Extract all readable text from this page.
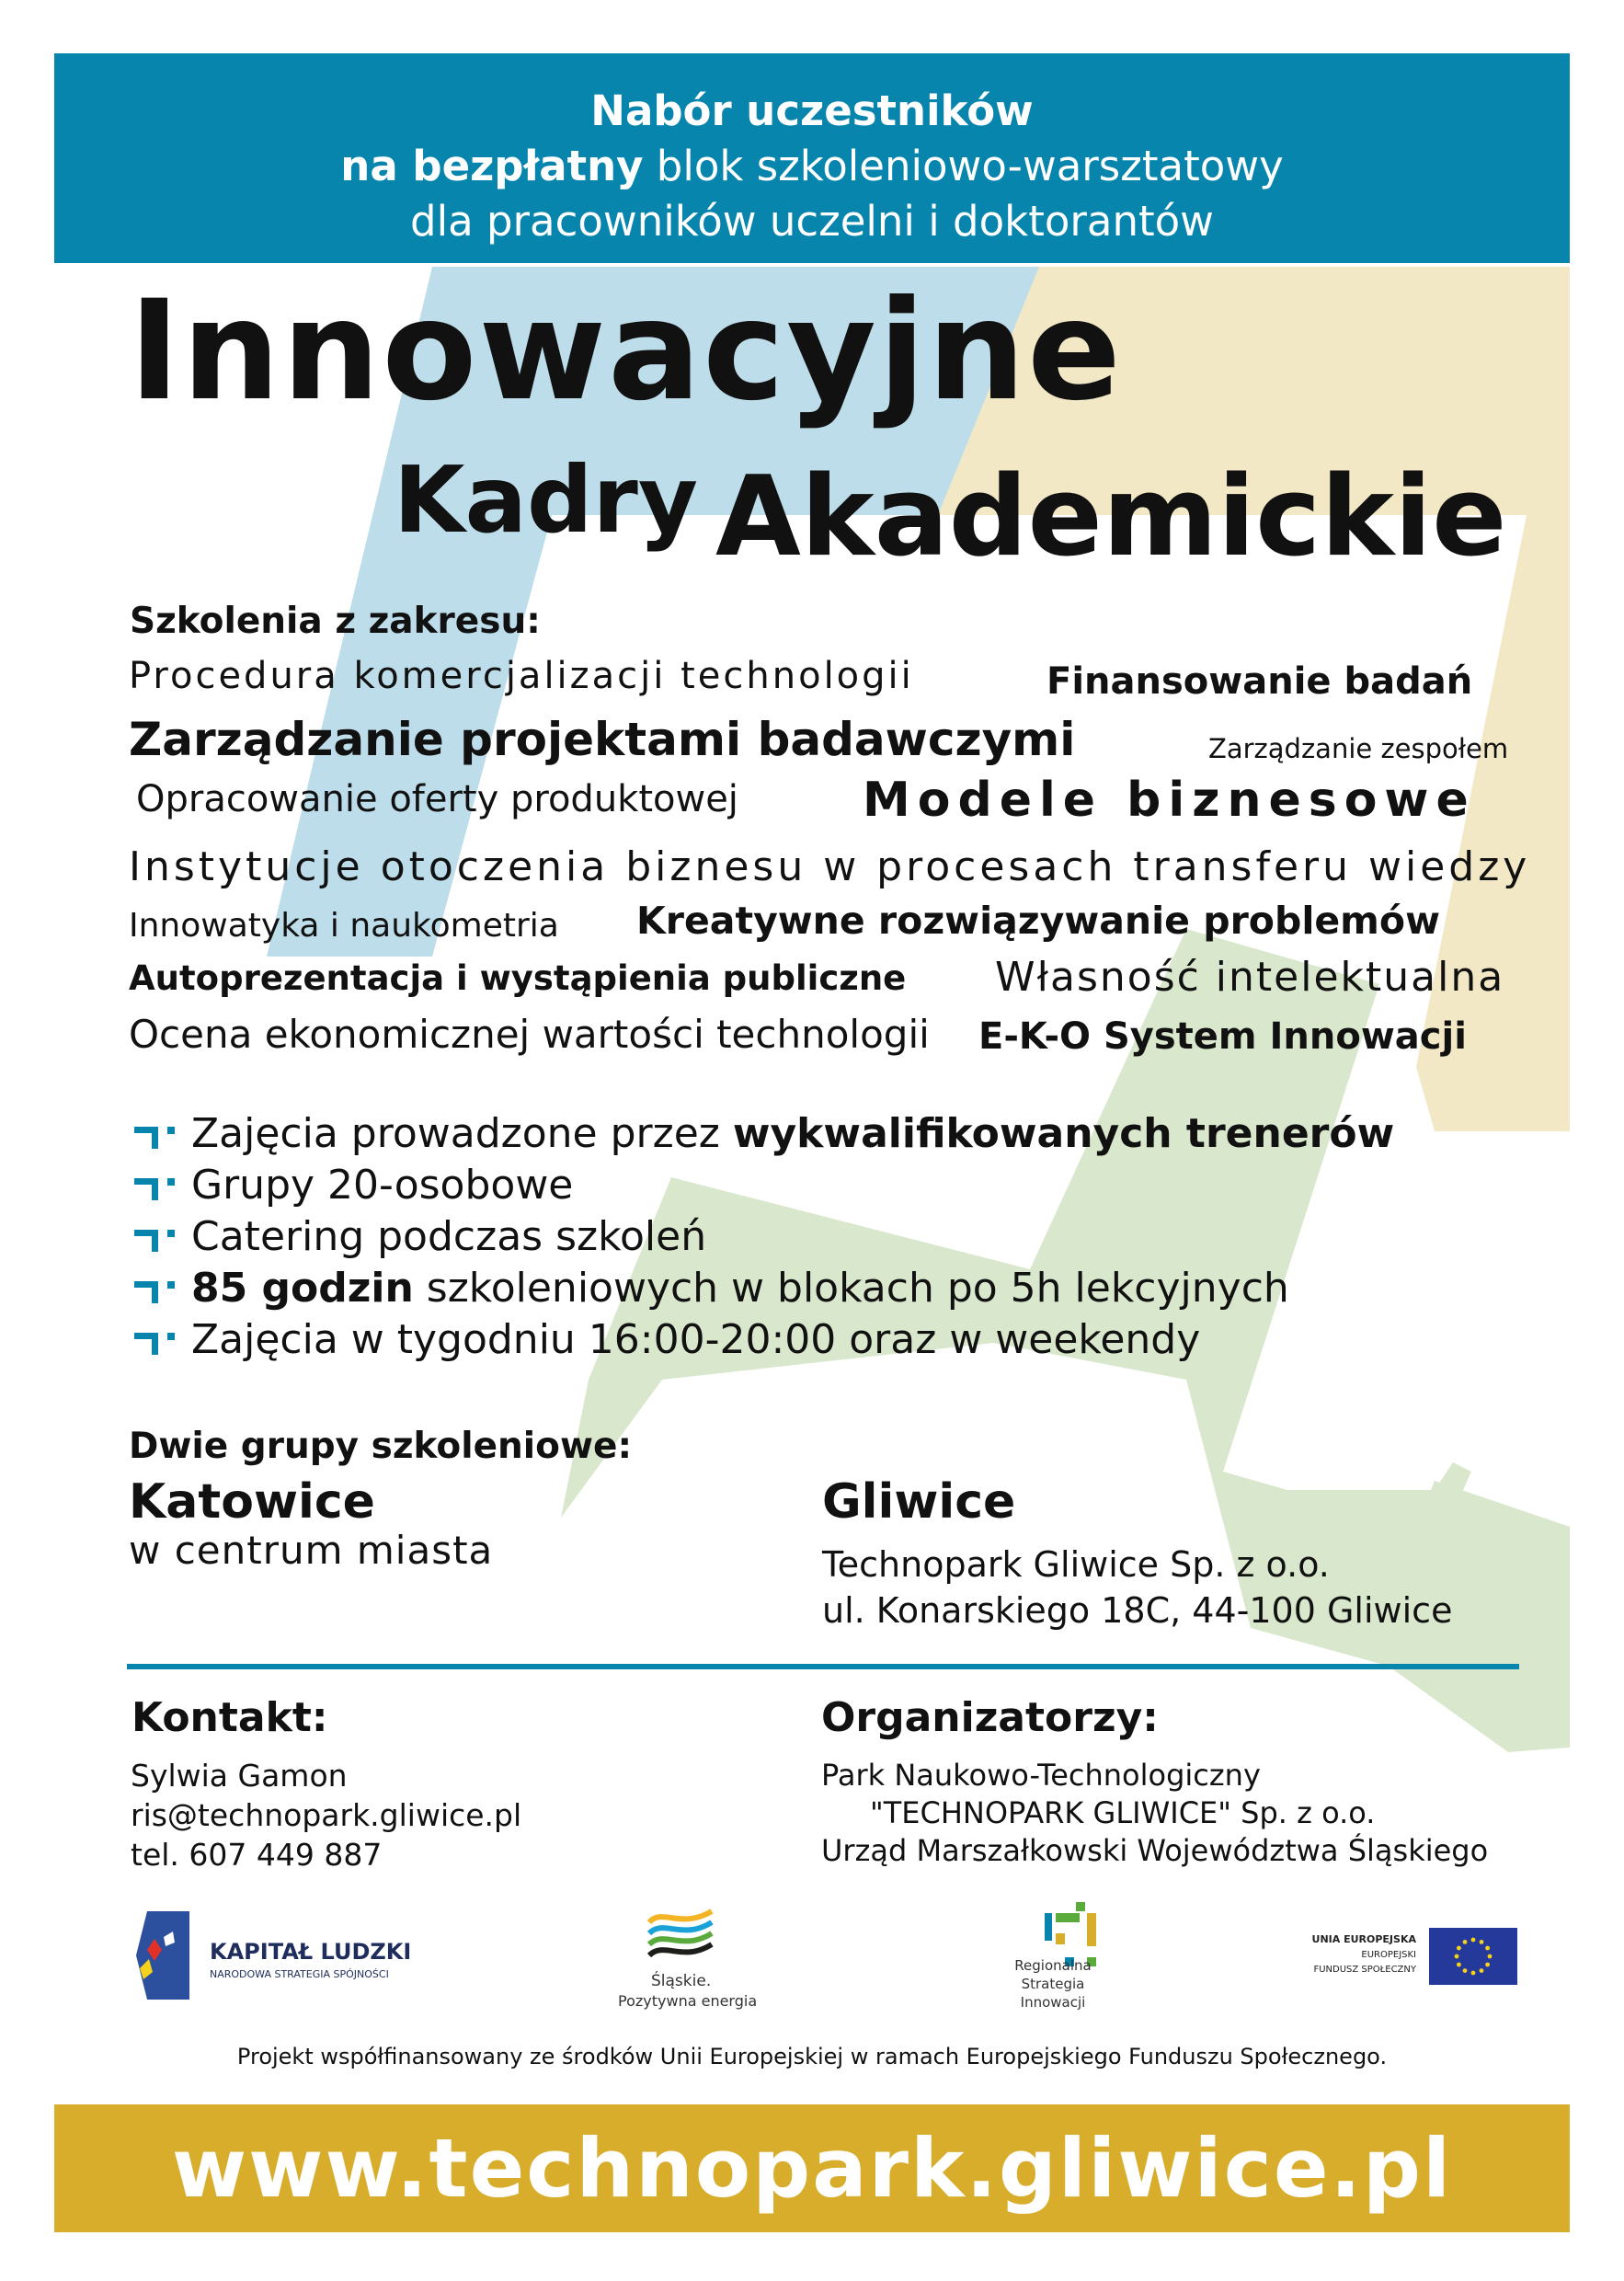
Nabór uczestników
na bezpłatny blok szkoleniowo-warsztatowy
dla pracowników uczelni i doktorantów
Innowacyjne
Kadry Akademickie
Szkolenia z zakresu:
Procedura komercjalizacji technologii	Finansowanie badań
Zarządzanie projektami badawczymi	Zarządzanie zespołem
Opracowanie oferty produktowej	Modele biznesowe
Instytucje otoczenia biznesu w procesach transferu wiedzy
Innowatyka i naukometria Kreatywne rozwiązywanie problemów
Autoprezentacja i wystąpienia publiczne Własność intelektualna
Ocena ekonomicznej wartości technologii E-K-O System Innowacji
Zajęcia prowadzone przez wykwalifikowanych trenerów
Grupy 20-osobowe
Catering podczas szkoleń
85 godzin szkoleniowych w blokach po 5h lekcyjnych
Zajęcia w tygodniu 16:00-20:00 oraz w weekendy
Dwie grupy szkoleniowe:
Katowice
w centrum miasta
Gliwice
Technopark Gliwice Sp. z o.o.
ul. Konarskiego 18C, 44-100 Gliwice
Kontakt:
Sylwia Gamon
ris@technopark.gliwice.pl
tel. 607 449 887
Organizatorzy:
Park Naukowo-Technologiczny
"TECHNOPARK GLIWICE" Sp. z o.o.
Urząd Marszałkowski Województwa Śląskiego
KAPITAŁ LUDZKI
NARODOWA STRATEGIA SPÓJNOŚCI	Śląskie.
Pozytywna energia
Regionalna
Strategia
Innowacji
UNIA EUROPEJSKA
EUROPEJSKI
FUNDUSZ SPOŁECZNY
Projekt współfinansowany ze środków Unii Europejskiej w ramach Europejskiego Funduszu Społecznego.
www.technopark.gliwice.pl
